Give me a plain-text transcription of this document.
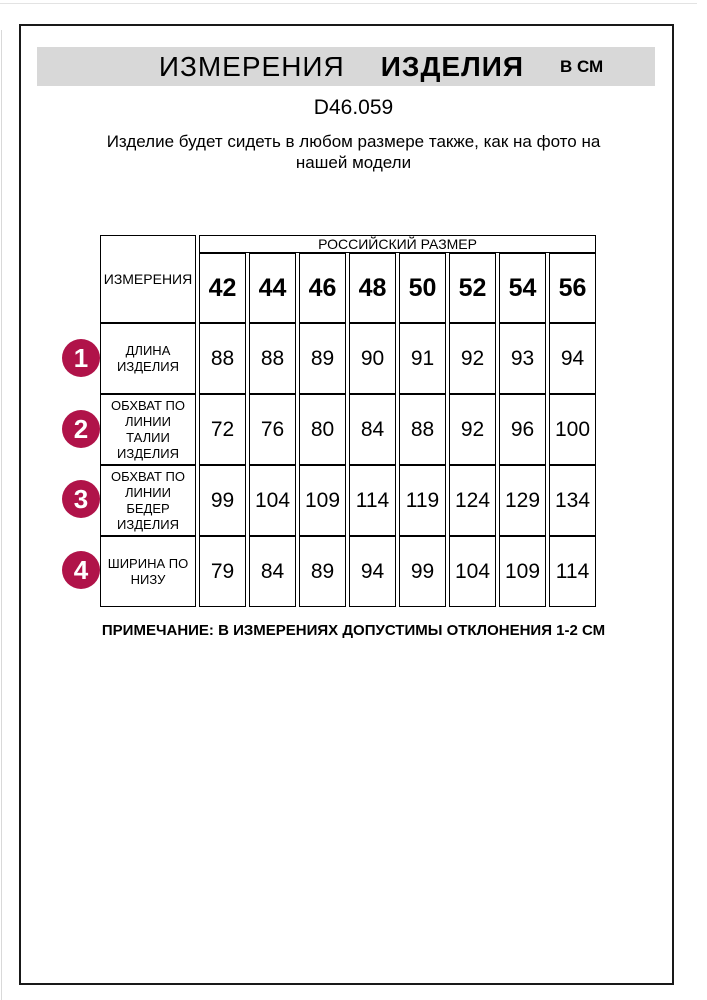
ИЗМЕРЕНИЯ ИЗДЕЛИЯ В СМ
D46.059
Изделие будет сидеть в любом размере также, как на фото на нашей модели
ИЗМЕРЕНИЯ	РОССИЙСКИЙ РАЗМЕР							
	42	44	46	48	50	52	54	56
ДЛИНА ИЗДЕЛИЯ	88	88	89	90	91	92	93	94
ОБХВАТ ПО ЛИНИИ ТАЛИИ ИЗДЕЛИЯ	72	76	80	84	88	92	96	100
ОБХВАТ ПО ЛИНИИ БЕДЕР ИЗДЕЛИЯ	99	104	109	114	119	124	129	134
ШИРИНА ПО НИЗУ	79	84	89	94	99	104	109	114
1
2
3
4
ПРИМЕЧАНИЕ: В ИЗМЕРЕНИЯХ ДОПУСТИМЫ ОТКЛОНЕНИЯ 1-2 СМ
